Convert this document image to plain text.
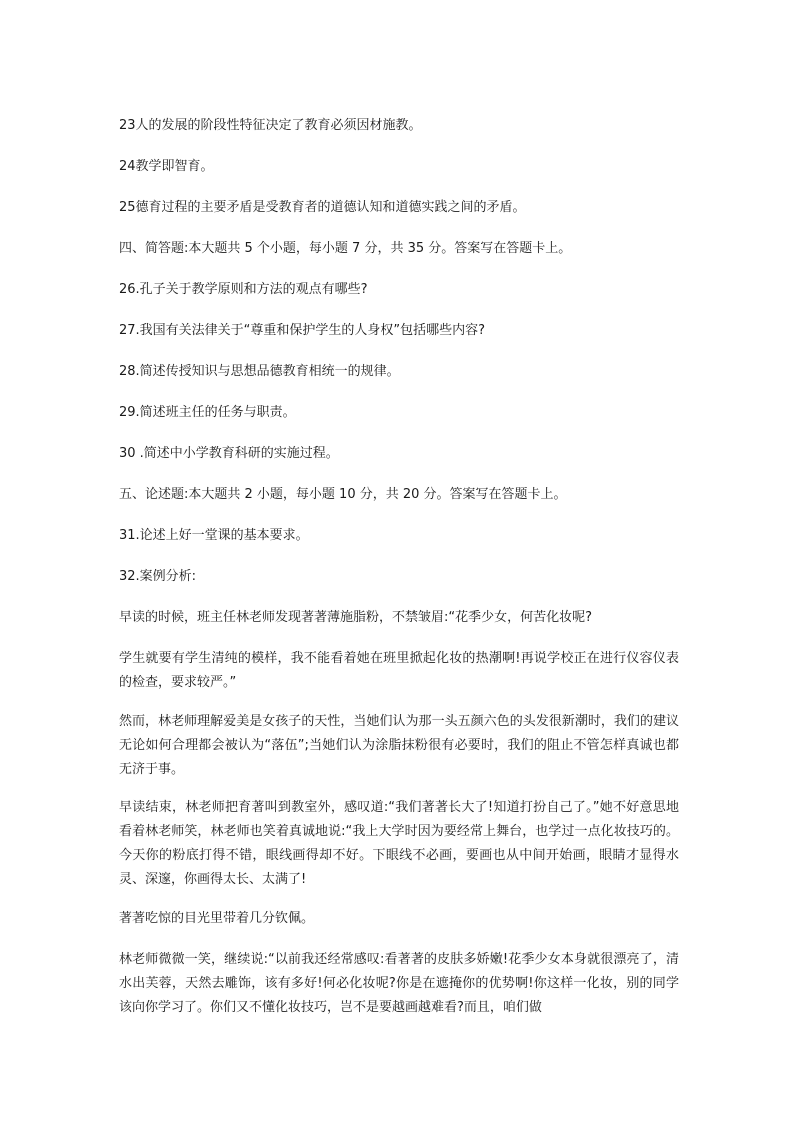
23人的发展的阶段性特征决定了教育必须因材施教。

24教学即智育。

25德育过程的主要矛盾是受教育者的道德认知和道德实践之间的矛盾。

四、简答题:本大题共 5 个小题，每小题 7 分，共 35 分。答案写在答题卡上。

26.孔子关于教学原则和方法的观点有哪些?

27.我国有关法律关于“尊重和保护学生的人身权”包括哪些内容?

28.简述传授知识与思想品德教育相统一的规律。

29.简述班主任的任务与职责。

30 .简述中小学教育科研的实施过程。

五、论述题:本大题共 2 小题，每小题 10 分，共 20 分。答案写在答题卡上。

31.论述上好一堂课的基本要求。

32.案例分析:

早读的时候，班主任林老师发现著著薄施脂粉，不禁皱眉:“花季少女，何苦化妆呢?

学生就要有学生清纯的模样，我不能看着她在班里掀起化妆的热潮啊!再说学校正在进行仪容仪表的检查，要求较严。”

然而，林老师理解爱美是女孩子的天性，当她们认为那一头五颜六色的头发很新潮时，我们的建议无论如何合理都会被认为“落伍”;当她们认为涂脂抹粉很有必要时，我们的阻止不管怎样真诚也都无济于事。

早读结束，林老师把育著叫到教室外，感叹道:“我们著著长大了!知道打扮自己了。”她不好意思地看着林老师笑，林老师也笑着真诚地说:“我上大学时因为要经常上舞台，也学过一点化妆技巧的。今天你的粉底打得不错，眼线画得却不好。下眼线不必画，要画也从中间开始画，眼睛才显得水灵、深邃，你画得太长、太满了!

著著吃惊的目光里带着几分钦佩。

林老师微微一笑，继续说:“以前我还经常感叹:看著著的皮肤多娇嫩!花季少女本身就很漂亮了，清水出芙蓉，天然去雕饰，该有多好!何必化妆呢?你是在遮掩你的优势啊!你这样一化妆，别的同学该向你学习了。你们又不懂化妆技巧，岂不是要越画越难看?而且，咱们做
